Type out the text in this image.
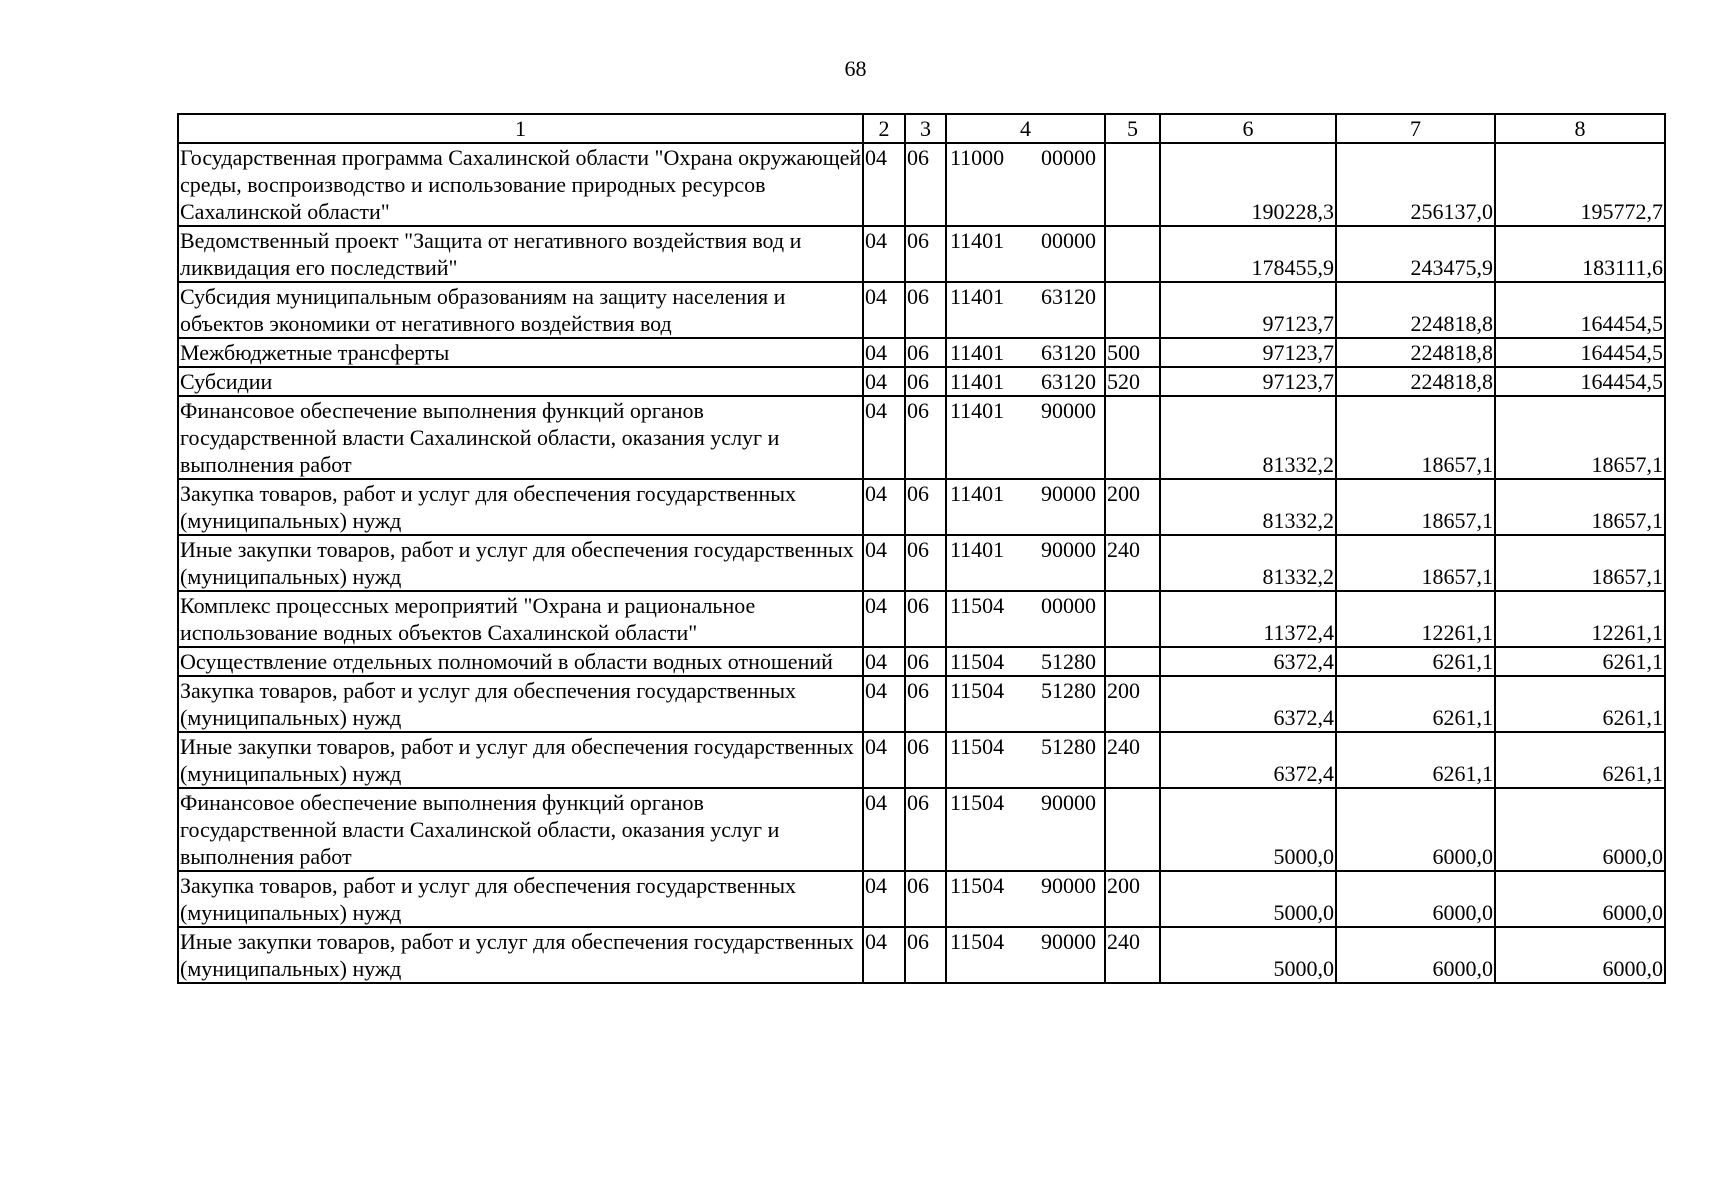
68
1	2	3	4	5	6	7	8
Государственная программа Сахалинской области "Охрана окружающей среды, воспроизводство и использование природных ресурсов Сахалинской области"	04	06	11000 00000		190228,3	256137,0	195772,7
Ведомственный проект "Защита от негативного воздействия вод и ликвидация его последствий"	04	06	11401 00000		178455,9	243475,9	183111,6
Субсидия муниципальным образованиям на защиту населения и объектов экономики от негативного воздействия вод	04	06	11401 63120		97123,7	224818,8	164454,5
Межбюджетные трансферты	04	06	11401 63120	500	97123,7	224818,8	164454,5
Субсидии	04	06	11401 63120	520	97123,7	224818,8	164454,5
Финансовое обеспечение выполнения функций органов государственной власти Сахалинской области, оказания услуг и выполнения работ	04	06	11401 90000		81332,2	18657,1	18657,1
Закупка товаров, работ и услуг для обеспечения государственных (муниципальных) нужд	04	06	11401 90000	200	81332,2	18657,1	18657,1
Иные закупки товаров, работ и услуг для обеспечения государственных (муниципальных) нужд	04	06	11401 90000	240	81332,2	18657,1	18657,1
Комплекс процессных мероприятий "Охрана и рациональное использование водных объектов Сахалинской области"	04	06	11504 00000		11372,4	12261,1	12261,1
Осуществление отдельных полномочий в области водных отношений	04	06	11504 51280		6372,4	6261,1	6261,1
Закупка товаров, работ и услуг для обеспечения государственных (муниципальных) нужд	04	06	11504 51280	200	6372,4	6261,1	6261,1
Иные закупки товаров, работ и услуг для обеспечения государственных (муниципальных) нужд	04	06	11504 51280	240	6372,4	6261,1	6261,1
Финансовое обеспечение выполнения функций органов государственной власти Сахалинской области, оказания услуг и выполнения работ	04	06	11504 90000		5000,0	6000,0	6000,0
Закупка товаров, работ и услуг для обеспечения государственных (муниципальных) нужд	04	06	11504 90000	200	5000,0	6000,0	6000,0
Иные закупки товаров, работ и услуг для обеспечения государственных (муниципальных) нужд	04	06	11504 90000	240	5000,0	6000,0	6000,0
